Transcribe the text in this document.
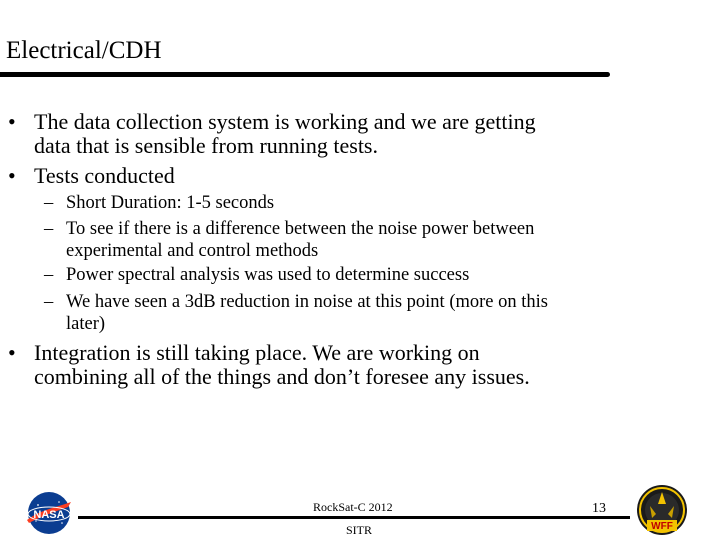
Electrical/CDH
• The data collection system is working and we are getting
data that is sensible from running tests.
• Tests conducted
– Short Duration: 1-5 seconds
– To see if there is a difference between the noise power between
experimental and control methods
– Power spectral analysis was used to determine success
– We have seen a 3dB reduction in noise at this point (more on this
later)
• Integration is still taking place. We are working on
combining all of the things and don’t foresee any issues.
NASA
RockSat-C 2012
SITR
13
WFF
